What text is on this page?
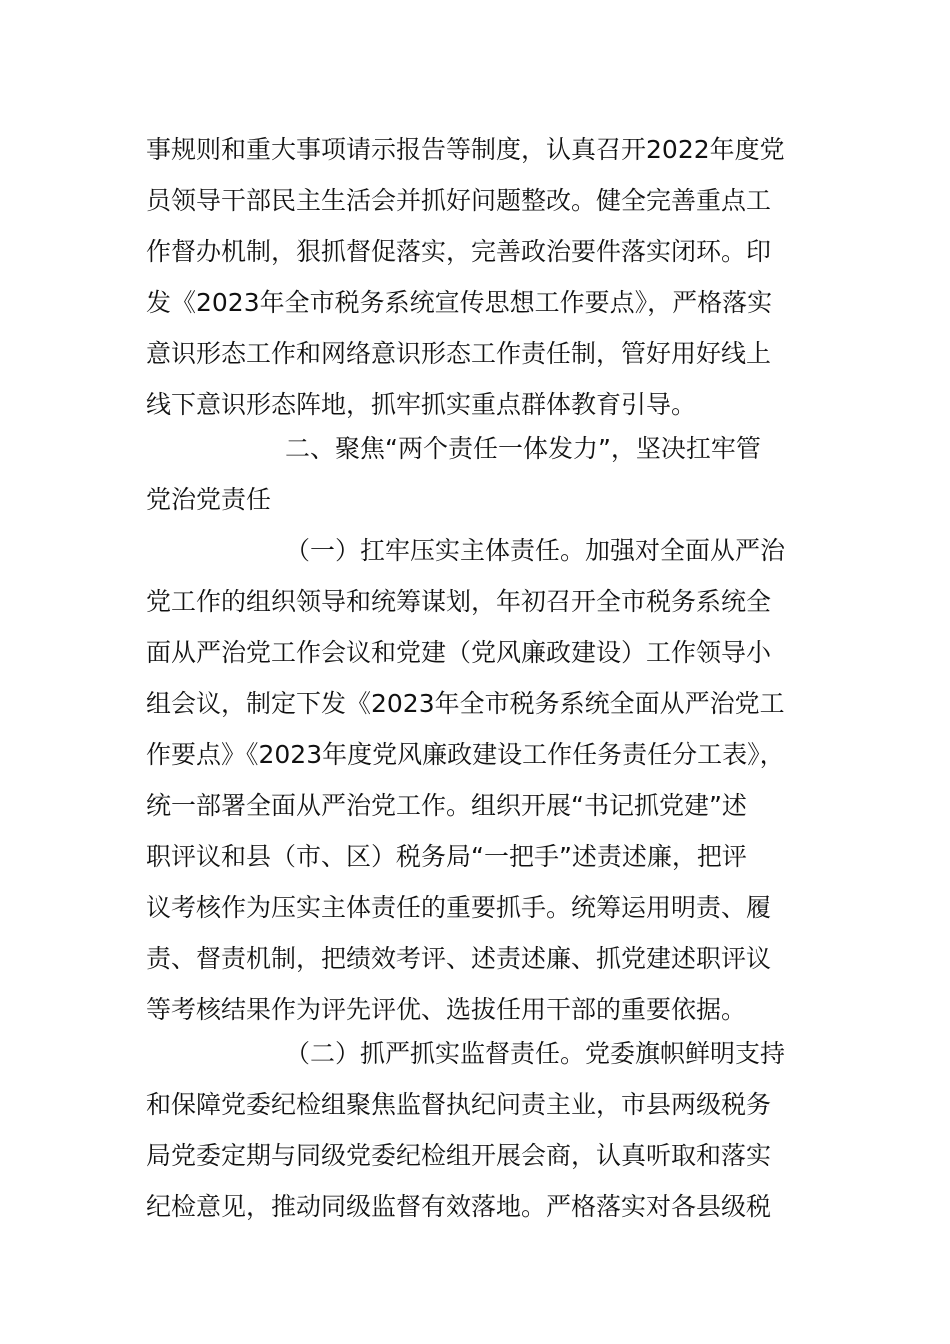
事规则和重大事项请示报告等制度，认真召开2022年度党
员领导干部民主生活会并抓好问题整改。健全完善重点工
作督办机制，狠抓督促落实，完善政治要件落实闭环。印
发《2023年全市税务系统宣传思想工作要点》，严格落实
意识形态工作和网络意识形态工作责任制，管好用好线上
线下意识形态阵地，抓牢抓实重点群体教育引导。
二、聚焦“两个责任一体发力”，坚决扛牢管
党治党责任
（一）扛牢压实主体责任。加强对全面从严治
党工作的组织领导和统筹谋划，年初召开全市税务系统全
面从严治党工作会议和党建（党风廉政建设）工作领导小
组会议，制定下发《2023年全市税务系统全面从严治党工
作要点》《2023年度党风廉政建设工作任务责任分工表》，
统一部署全面从严治党工作。组织开展“书记抓党建”述
职评议和县（市、区）税务局“一把手”述责述廉，把评
议考核作为压实主体责任的重要抓手。统筹运用明责、履
责、督责机制，把绩效考评、述责述廉、抓党建述职评议
等考核结果作为评先评优、选拔任用干部的重要依据。
（二）抓严抓实监督责任。党委旗帜鲜明支持
和保障党委纪检组聚焦监督执纪问责主业，市县两级税务
局党委定期与同级党委纪检组开展会商，认真听取和落实
纪检意见，推动同级监督有效落地。严格落实对各县级税
